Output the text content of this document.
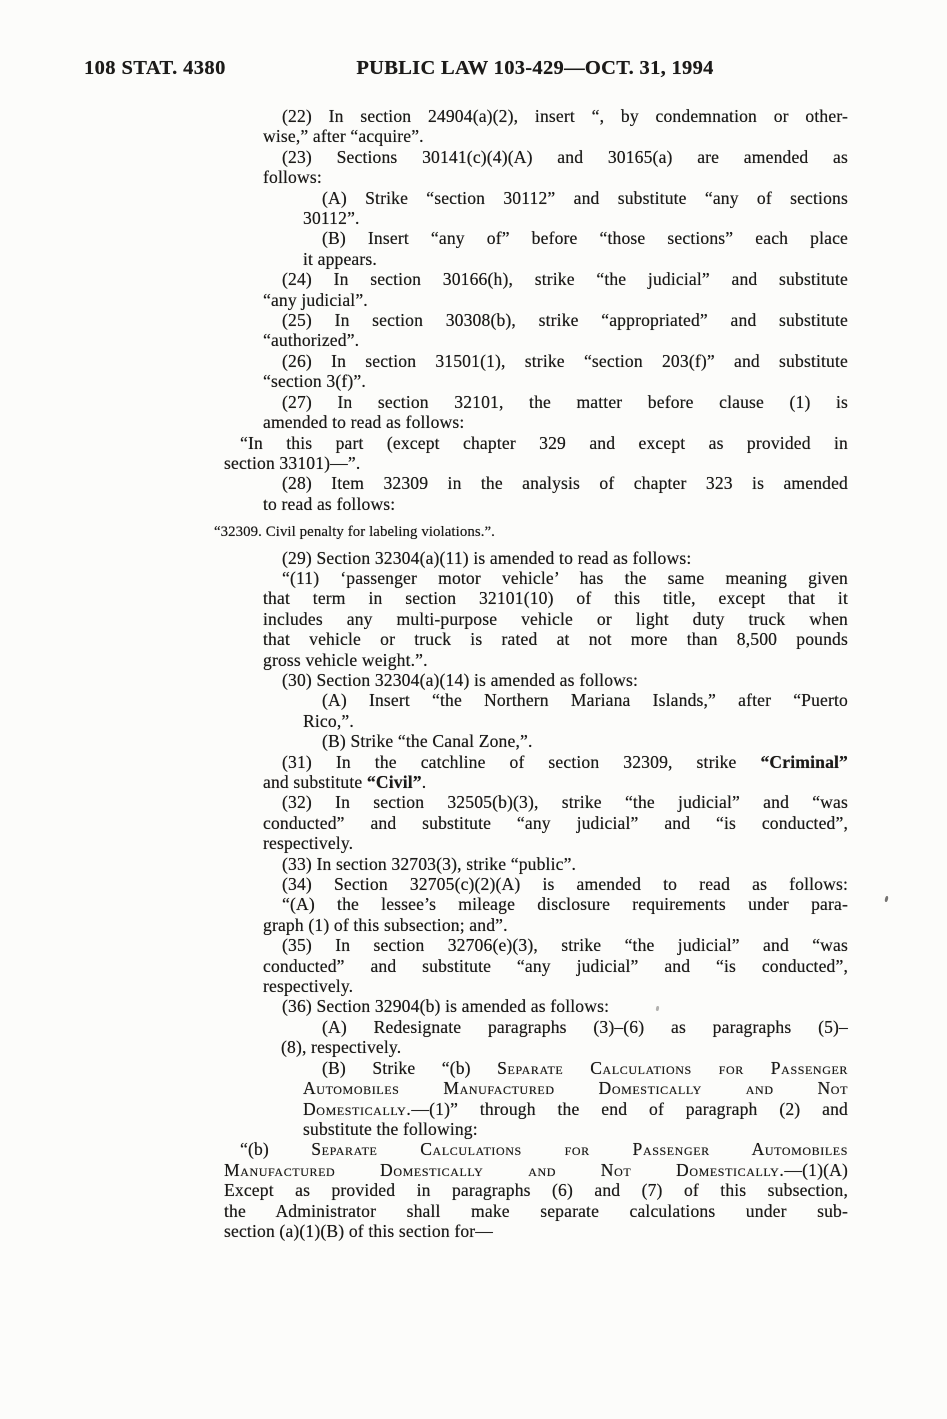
108 STAT. 4380	PUBLIC LAW 103-429—OCT. 31, 1994
(22) In section 24904(a)(2), insert “, by condemnation or other-
wise,” after “acquire”.
(23) Sections 30141(c)(4)(A) and 30165(a) are amended as
follows:
(A) Strike “section 30112” and substitute “any of sections
30112”.
(B) Insert “any of” before “those sections” each place
it appears.
(24) In section 30166(h), strike “the judicial” and substitute
“any judicial”.
(25) In section 30308(b), strike “appropriated” and substitute
“authorized”.
(26) In section 31501(1), strike “section 203(f)” and substitute
“section 3(f)”.
(27) In section 32101, the matter before clause (1) is
amended to read as follows:
“In this part (except chapter 329 and except as provided in
section 33101)—”.
(28) Item 32309 in the analysis of chapter 323 is amended
to read as follows:
“32309. Civil penalty for labeling violations.”.
(29) Section 32304(a)(11) is amended to read as follows:
“(11) ‘passenger motor vehicle’ has the same meaning given
that term in section 32101(10) of this title, except that it
includes any multi-purpose vehicle or light duty truck when
that vehicle or truck is rated at not more than 8,500 pounds
gross vehicle weight.”.
(30) Section 32304(a)(14) is amended as follows:
(A) Insert “the Northern Mariana Islands,” after “Puerto
Rico,”.
(B) Strike “the Canal Zone,”.
(31) In the catchline of section 32309, strike “Criminal”
and substitute “Civil”.
(32) In section 32505(b)(3), strike “the judicial” and “was
conducted” and substitute “any judicial” and “is conducted”,
respectively.
(33) In section 32703(3), strike “public”.
(34) Section 32705(c)(2)(A) is amended to read as follows:
“(A) the lessee’s mileage disclosure requirements under para-
graph (1) of this subsection; and”.
(35) In section 32706(e)(3), strike “the judicial” and “was
conducted” and substitute “any judicial” and “is conducted”,
respectively.
(36) Section 32904(b) is amended as follows:
(A) Redesignate paragraphs (3)–(6) as paragraphs (5)–
(8), respectively.
(B) Strike “(b) Separate Calculations for Passenger
Automobiles Manufactured Domestically and Not
Domestically.—(1)” through the end of paragraph (2) and
substitute the following:
“(b) Separate Calculations for Passenger Automobiles
Manufactured Domestically and Not Domestically.—(1)(A)
Except as provided in paragraphs (6) and (7) of this subsection,
the Administrator shall make separate calculations under sub-
section (a)(1)(B) of this section for—
